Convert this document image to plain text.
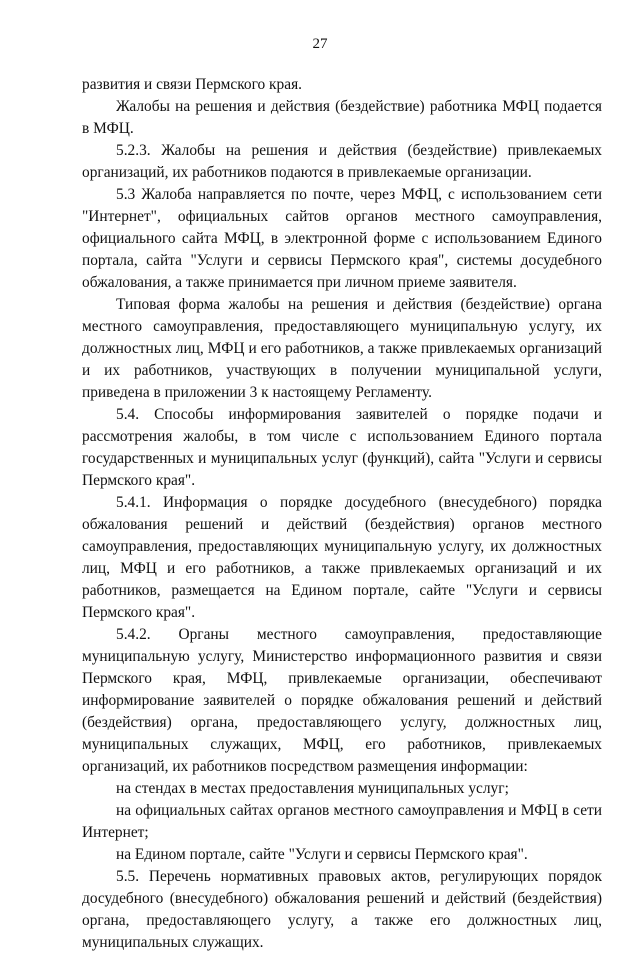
27

развития и связи Пермского края.

Жалобы на решения и действия (бездействие) работника МФЦ подается в МФЦ.

5.2.3. Жалобы на решения и действия (бездействие) привлекаемых организаций, их работников подаются в привлекаемые организации.

5.3 Жалоба направляется по почте, через МФЦ, с использованием сети "Интернет", официальных сайтов органов местного самоуправления, официального сайта МФЦ, в электронной форме с использованием Единого портала, сайта "Услуги и сервисы Пермского края", системы досудебного обжалования, а также принимается при личном приеме заявителя.

Типовая форма жалобы на решения и действия (бездействие) органа местного самоуправления, предоставляющего муниципальную услугу, их должностных лиц, МФЦ и его работников, а также привлекаемых организаций и их работников, участвующих в получении муниципальной услуги, приведена в приложении 3 к настоящему Регламенту.

5.4. Способы информирования заявителей о порядке подачи и рассмотрения жалобы, в том числе с использованием Единого портала государственных и муниципальных услуг (функций), сайта "Услуги и сервисы Пермского края".

5.4.1. Информация о порядке досудебного (внесудебного) порядка обжалования решений и действий (бездействия) органов местного самоуправления, предоставляющих муниципальную услугу, их должностных лиц, МФЦ и его работников, а также привлекаемых организаций и их работников, размещается на Едином портале, сайте "Услуги и сервисы Пермского края".

5.4.2. Органы местного самоуправления, предоставляющие муниципальную услугу, Министерство информационного развития и связи Пермского края, МФЦ, привлекаемые организации, обеспечивают информирование заявителей о порядке обжалования решений и действий (бездействия) органа, предоставляющего услугу, должностных лиц, муниципальных служащих, МФЦ, его работников, привлекаемых организаций, их работников посредством размещения информации:

на стендах в местах предоставления муниципальных услуг;

на официальных сайтах органов местного самоуправления и МФЦ в сети Интернет;

на Едином портале, сайте "Услуги и сервисы Пермского края".

5.5. Перечень нормативных правовых актов, регулирующих порядок досудебного (внесудебного) обжалования решений и действий (бездействия) органа, предоставляющего услугу, а также его должностных лиц, муниципальных служащих.
